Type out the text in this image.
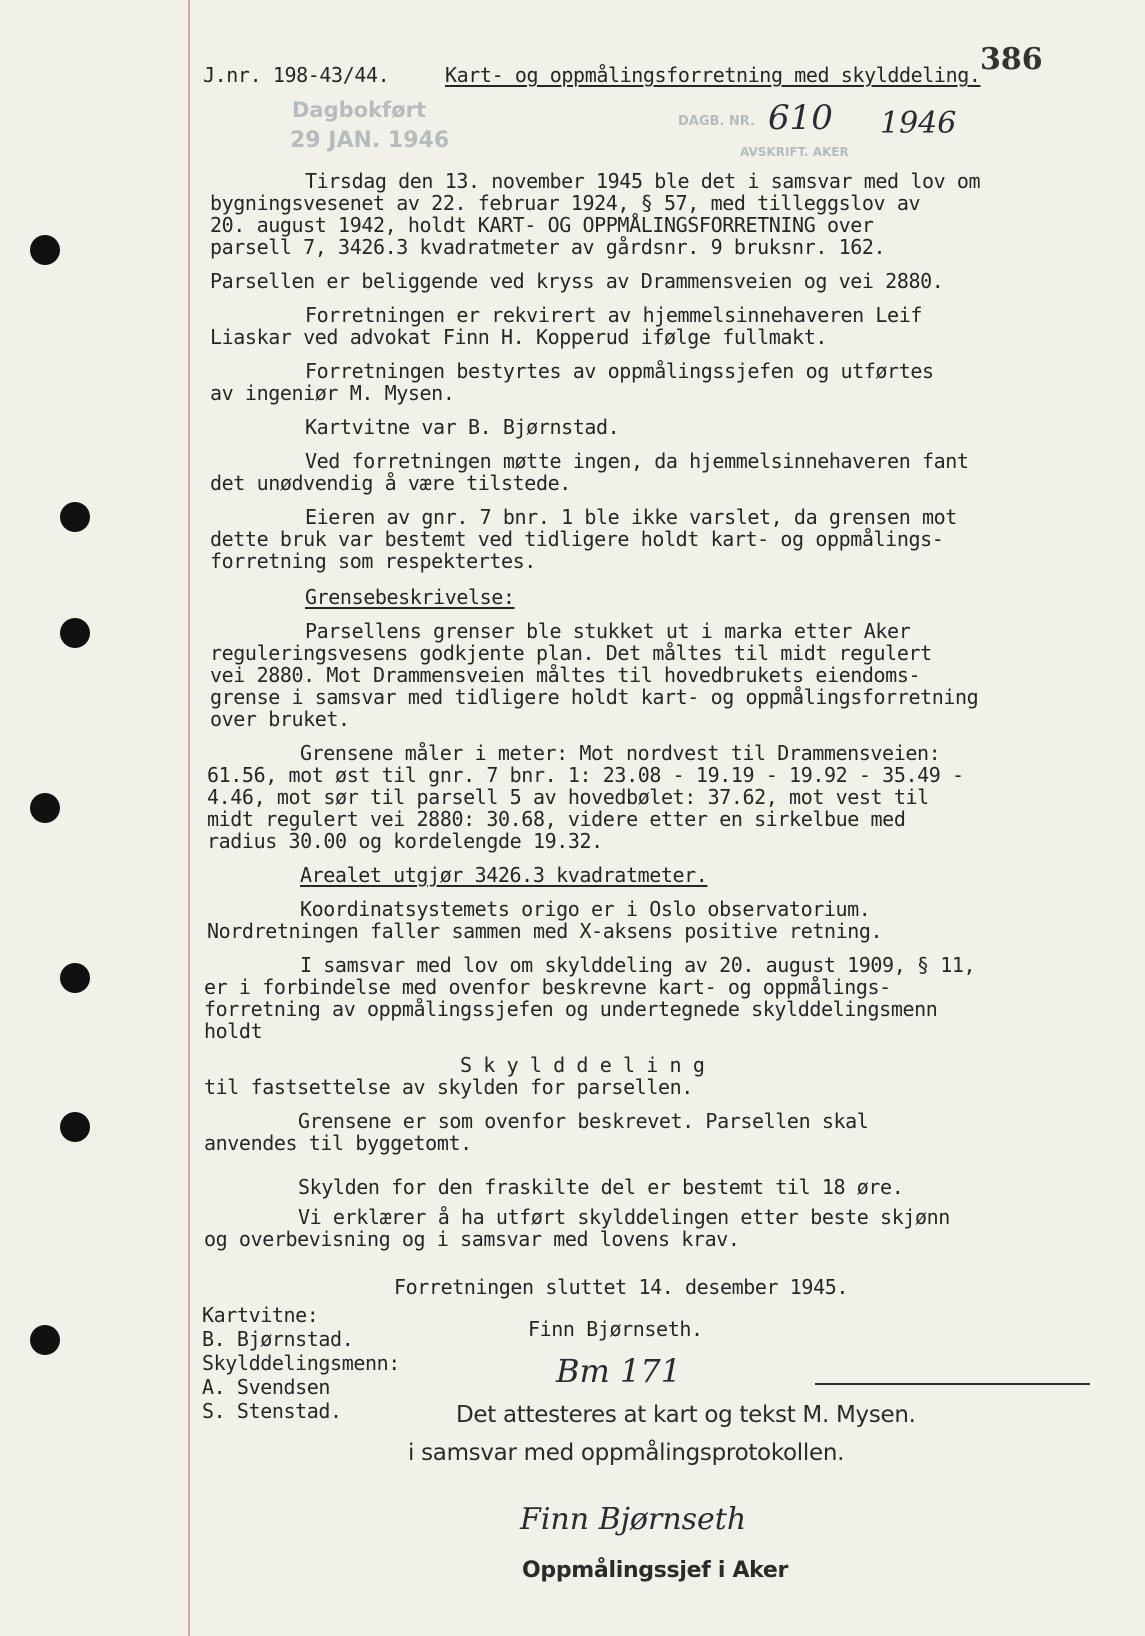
386
J.nr. 198-43/44.	Kart- og oppmålingsforretning med skylddeling.
Dagbokført
29 JAN. 1946
DAGB. NR. 610 1946
AVSKRIFT. AKER
Tirsdag den 13. november 1945 ble det i samsvar med lov om
bygningsvesenet av 22. februar 1924, § 57, med tilleggslov av
20. august 1942, holdt KART- OG OPPMÅLINGSFORRETNING over
parsell 7, 3426.3 kvadratmeter av gårdsnr. 9 bruksnr. 162.
Parsellen er beliggende ved kryss av Drammensveien og vei 2880.
Forretningen er rekvirert av hjemmelsinnehaveren Leif
Liaskar ved advokat Finn H. Kopperud ifølge fullmakt.
Forretningen bestyrtes av oppmålingssjefen og utførtes
av ingeniør M. Mysen.
Kartvitne var B. Bjørnstad.
Ved forretningen møtte ingen, da hjemmelsinnehaveren fant
det unødvendig å være tilstede.
Eieren av gnr. 7 bnr. 1 ble ikke varslet, da grensen mot
dette bruk var bestemt ved tidligere holdt kart- og oppmålings-
forretning som respektertes.
Grensebeskrivelse:
Parsellens grenser ble stukket ut i marka etter Aker
reguleringsvesens godkjente plan. Det måltes til midt regulert
vei 2880. Mot Drammensveien måltes til hovedbrukets eiendoms-
grense i samsvar med tidligere holdt kart- og oppmålingsforretning
over bruket.
Grensene måler i meter: Mot nordvest til Drammensveien:
61.56, mot øst til gnr. 7 bnr. 1: 23.08 - 19.19 - 19.92 - 35.49 -
4.46, mot sør til parsell 5 av hovedbølet: 37.62, mot vest til
midt regulert vei 2880: 30.68, videre etter en sirkelbue med
radius 30.00 og kordelengde 19.32.
Arealet utgjør 3426.3 kvadratmeter.
Koordinatsystemets origo er i Oslo observatorium.
Nordretningen faller sammen med X-aksens positive retning.
I samsvar med lov om skylddeling av 20. august 1909, § 11,
er i forbindelse med ovenfor beskrevne kart- og oppmålings-
forretning av oppmålingssjefen og undertegnede skylddelingsmenn
holdt
S k y l d d e l i n g
til fastsettelse av skylden for parsellen.
Grensene er som ovenfor beskrevet. Parsellen skal
anvendes til byggetomt.
Skylden for den fraskilte del er bestemt til 18 øre.
Vi erklærer å ha utført skylddelingen etter beste skjønn
og overbevisning og i samsvar med lovens krav.
Forretningen sluttet 14. desember 1945.
Kartvitne:
B. Bjørnstad.
Skylddelingsmenn:
A. Svendsen
S. Stenstad.
Finn Bjørnseth.
Bm 171
Det attesteres at kart og tekst M. Mysen.
i samsvar med oppmålingsprotokollen.
Finn Bjørnseth
Oppmålingssjef i Aker
